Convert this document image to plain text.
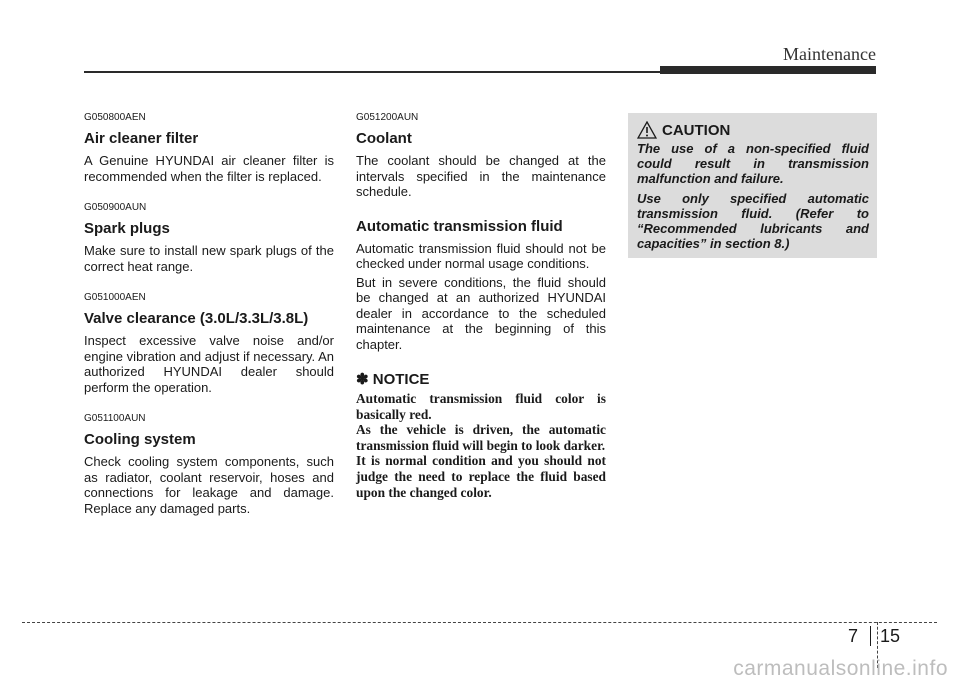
Maintenance
G050800AEN
Air cleaner filter

A Genuine HYUNDAI air cleaner filter is recommended when the filter is replaced.

G050900AUN
Spark plugs

Make sure to install new spark plugs of the correct heat range.

G051000AEN
Valve clearance (3.0L/3.3L/3.8L)

Inspect excessive valve noise and/or engine vibration and adjust if necessary. An authorized HYUNDAI dealer should perform the operation.

G051100AUN
Cooling system

Check cooling system components, such as radiator, coolant reservoir, hoses and connections for leakage and damage. Replace any damaged parts.

G051200AUN
Coolant

The coolant should be changed at the intervals specified in the maintenance schedule.

Automatic transmission fluid

Automatic transmission fluid should not be checked under normal usage conditions.

But in severe conditions, the fluid should be changed at an authorized HYUNDAI dealer in accordance to the scheduled maintenance at the beginning of this chapter.

✽ NOTICE

Automatic transmission fluid color is basically red.

As the vehicle is driven, the automatic transmission fluid will begin to look darker.

It is normal condition and you should not judge the need to replace the fluid based upon the changed color.

CAUTION

The use of a non-specified fluid could result in transmission malfunction and failure.

Use only specified automatic transmission fluid. (Refer to “Recommended lubricants and capacities” in section 8.)

7 15
carmanualsonline.info
